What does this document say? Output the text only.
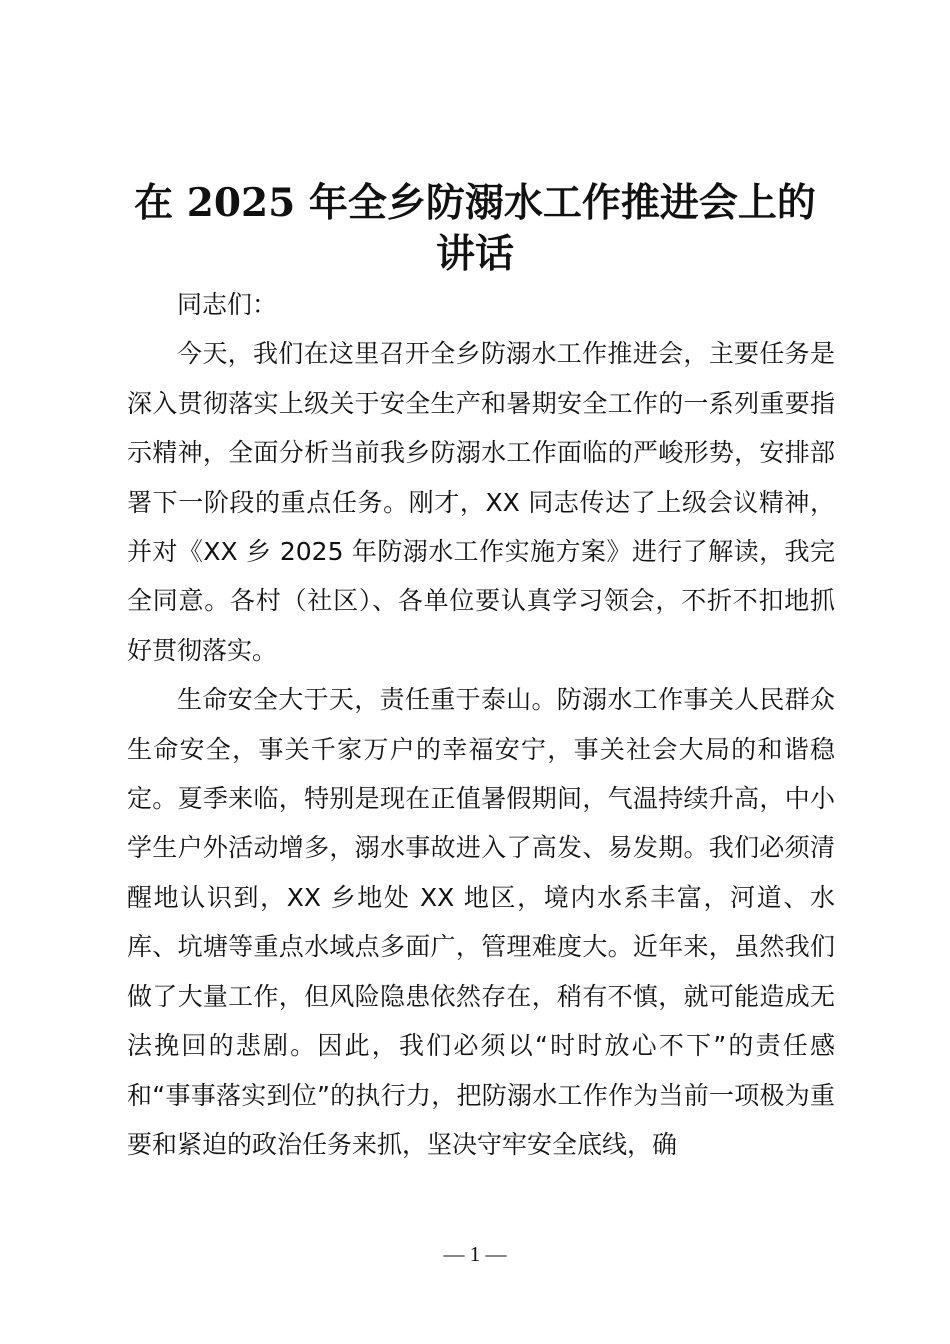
在 2025 年全乡防溺水工作推进会上的
讲话

同志们：

今天，我们在这里召开全乡防溺水工作推进会，主要任务是深入贯彻落实上级关于安全生产和暑期安全工作的一系列重要指示精神，全面分析当前我乡防溺水工作面临的严峻形势，安排部署下一阶段的重点任务。刚才，XX 同志传达了上级会议精神，并对《XX 乡 2025 年防溺水工作实施方案》进行了解读，我完全同意。各村（社区）、各单位要认真学习领会，不折不扣地抓好贯彻落实。

生命安全大于天，责任重于泰山。防溺水工作事关人民群众生命安全，事关千家万户的幸福安宁，事关社会大局的和谐稳定。夏季来临，特别是现在正值暑假期间，气温持续升高，中小学生户外活动增多，溺水事故进入了高发、易发期。我们必须清醒地认识到，XX 乡地处 XX 地区，境内水系丰富，河道、水库、坑塘等重点水域点多面广，管理难度大。近年来，虽然我们做了大量工作，但风险隐患依然存在，稍有不慎，就可能造成无法挽回的悲剧。因此，我们必须以“时时放心不下”的责任感和“事事落实到位”的执行力，把防溺水工作作为当前一项极为重要和紧迫的政治任务来抓，坚决守牢安全底线，确

— 1 —
